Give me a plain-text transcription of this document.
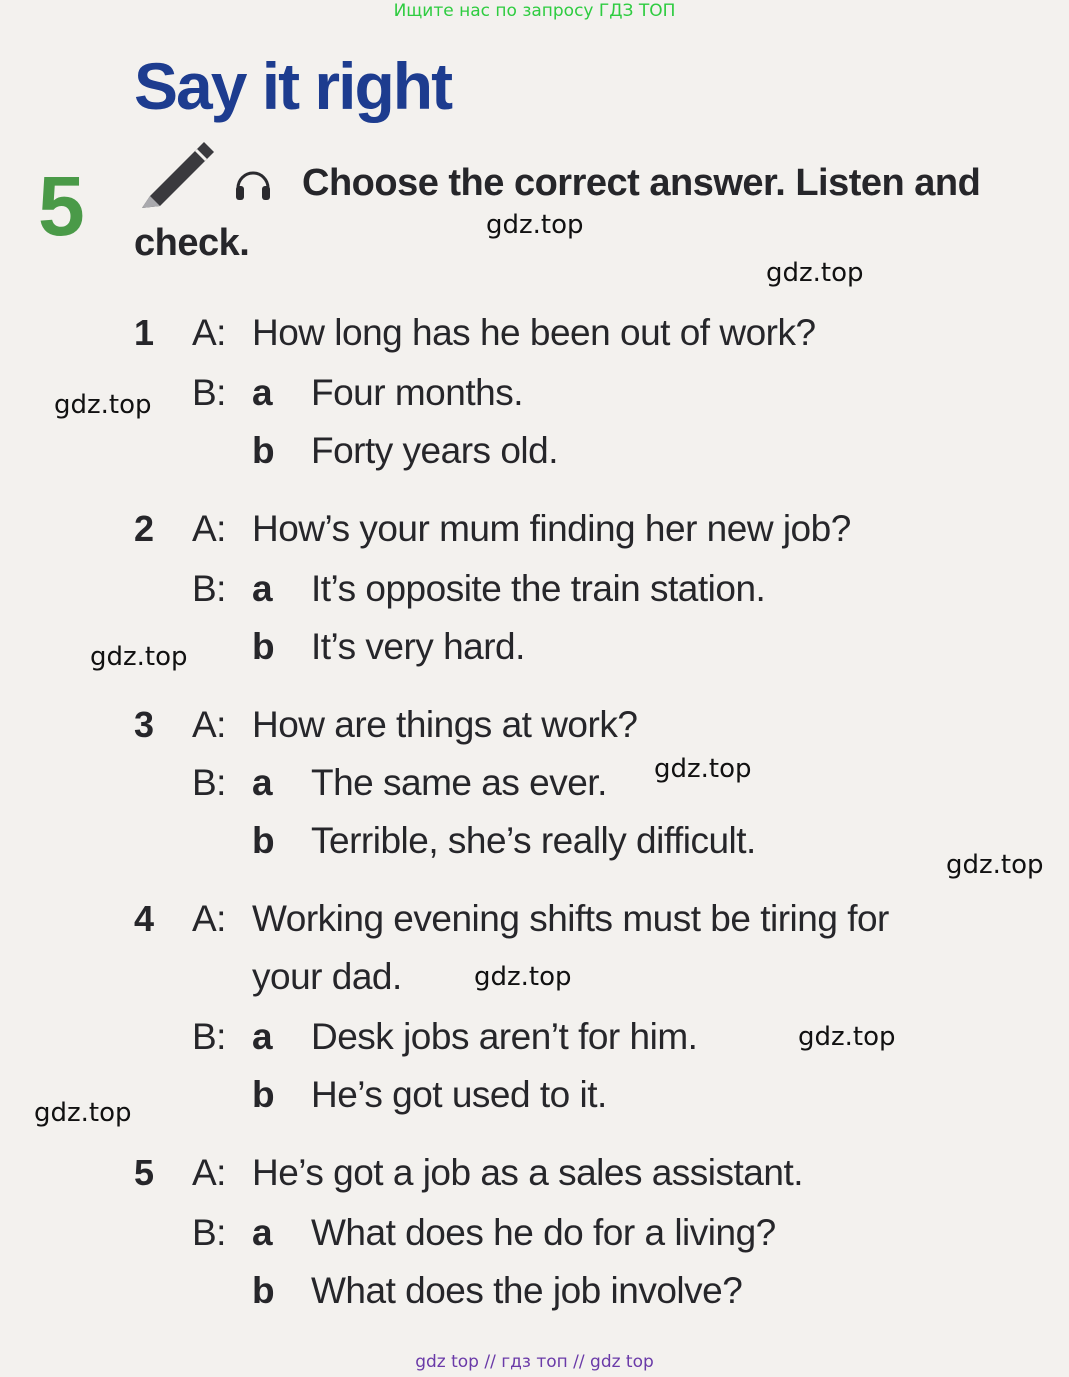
Ищите нас по запросу ГДЗ ТОП
Say it right
5	Choose the correct answer. Listen and
check.
1 A: How long has he been out of work?
B: a Four months.
b Forty years old.
2 A: How’s your mum finding her new job?
B: a It’s opposite the train station.
b It’s very hard.
3 A: How are things at work?
B: a The same as ever.
b Terrible, she’s really difficult.
4 A: Working evening shifts must be tiring for
your dad.
B: a Desk jobs aren’t for him.
b He’s got used to it.
5 A: He’s got a job as a sales assistant.
B: a What does he do for a living?
b What does the job involve?
gdz.top
gdz.top
gdz.top
gdz.top
gdz.top
gdz.top
gdz.top
gdz.top
gdz.top
gdz top // гдз топ // gdz top
